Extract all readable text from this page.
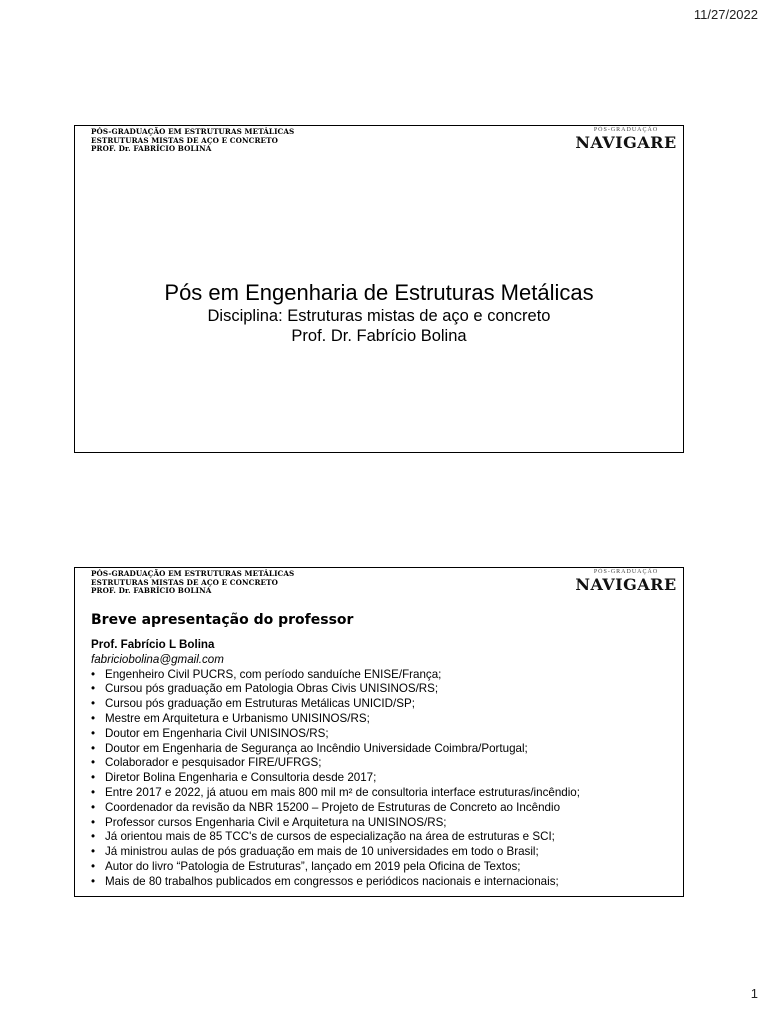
11/27/2022
PÓS-GRADUAÇÃO EM ESTRUTURAS METÁLICAS
ESTRUTURAS MISTAS DE AÇO E CONCRETO
PROF. Dr. FABRÍCIO BOLINA
PÓS-GRADUAÇÃO
NAVIGARE
Pós em Engenharia de Estruturas Metálicas
Disciplina: Estruturas mistas de aço e concreto
Prof. Dr. Fabrício Bolina
PÓS-GRADUAÇÃO EM ESTRUTURAS METÁLICAS
ESTRUTURAS MISTAS DE AÇO E CONCRETO
PROF. Dr. FABRÍCIO BOLINA
PÓS-GRADUAÇÃO
NAVIGARE
Breve apresentação do professor
Prof. Fabrício L Bolina
fabriciobolina@gmail.com
• Engenheiro Civil PUCRS, com período sanduíche ENISE/França;
• Cursou pós graduação em Patologia Obras Civis UNISINOS/RS;
• Cursou pós graduação em Estruturas Metálicas UNICID/SP;
• Mestre em Arquitetura e Urbanismo UNISINOS/RS;
• Doutor em Engenharia Civil UNISINOS/RS;
• Doutor em Engenharia de Segurança ao Incêndio Universidade Coimbra/Portugal;
• Colaborador e pesquisador FIRE/UFRGS;
• Diretor Bolina Engenharia e Consultoria desde 2017;
• Entre 2017 e 2022, já atuou em mais 800 mil m² de consultoria interface estruturas/incêndio;
• Coordenador da revisão da NBR 15200 – Projeto de Estruturas de Concreto ao Incêndio
• Professor cursos Engenharia Civil e Arquitetura na UNISINOS/RS;
• Já orientou mais de 85 TCC's de cursos de especialização na área de estruturas e SCI;
• Já ministrou aulas de pós graduação em mais de 10 universidades em todo o Brasil;
• Autor do livro “Patologia de Estruturas”, lançado em 2019 pela Oficina de Textos;
• Mais de 80 trabalhos publicados em congressos e periódicos nacionais e internacionais;
1
